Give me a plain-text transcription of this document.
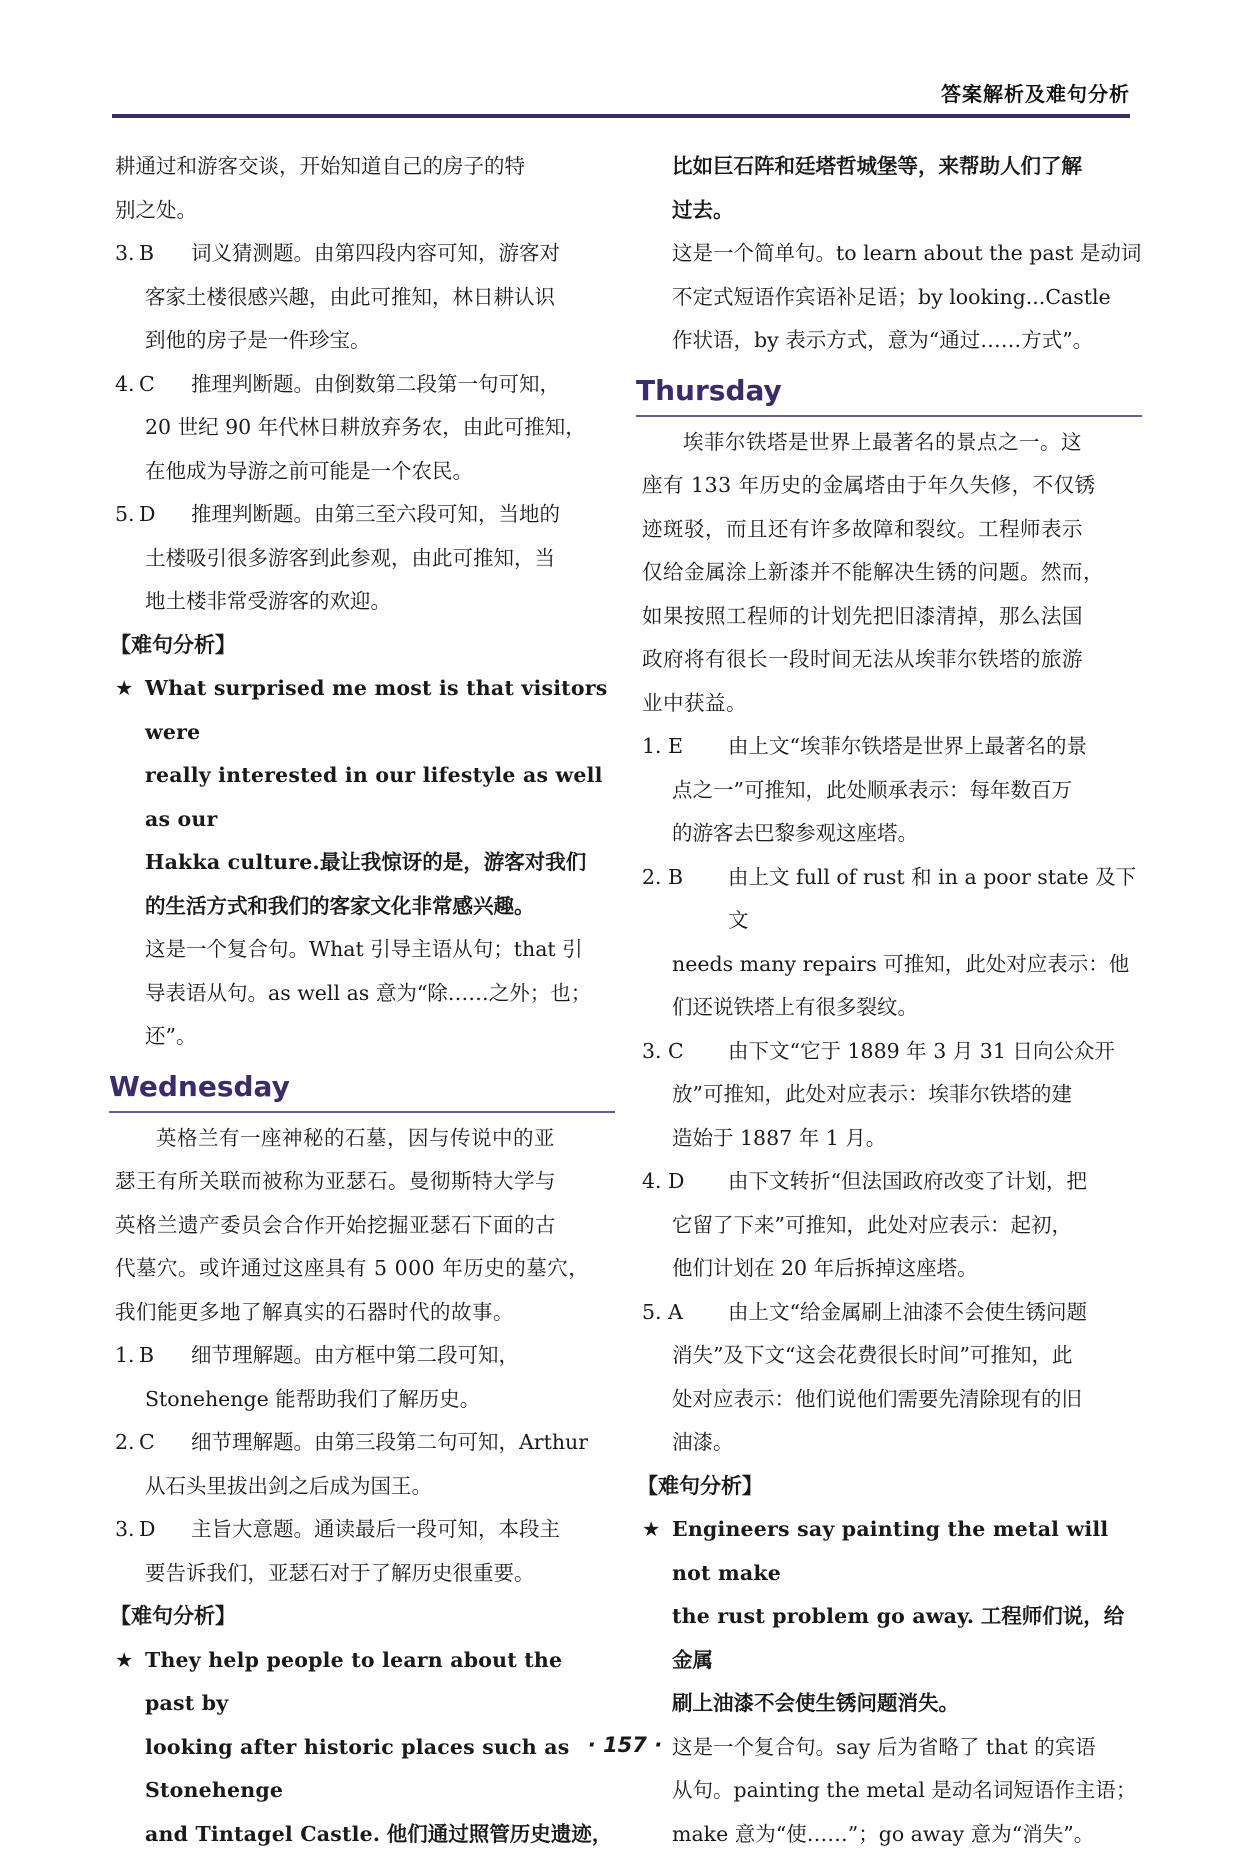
答案解析及难句分析

耕通过和游客交谈，开始知道自己的房子的特

别之处。

3. B	词义猜测题。由第四段内容可知，游客对

客家土楼很感兴趣，由此可推知，林日耕认识

到他的房子是一件珍宝。

4. C	推理判断题。由倒数第二段第一句可知，

20 世纪 90 年代林日耕放弃务农，由此可推知，

在他成为导游之前可能是一个农民。

5. D	推理判断题。由第三至六段可知，当地的

土楼吸引很多游客到此参观，由此可推知，当

地土楼非常受游客的欢迎。

【难句分析】

★ What surprised me most is that visitors were

really interested in our lifestyle as well as our

Hakka culture.最让我惊讶的是，游客对我们

的生活方式和我们的客家文化非常感兴趣。

这是一个复合句。What 引导主语从句；that 引

导表语从句。as well as 意为“除……之外；也；

还”。

Wednesday

英格兰有一座神秘的石墓，因与传说中的亚

瑟王有所关联而被称为亚瑟石。曼彻斯特大学与

英格兰遗产委员会合作开始挖掘亚瑟石下面的古

代墓穴。或许通过这座具有 5 000 年历史的墓穴，

我们能更多地了解真实的石器时代的故事。

1. B	细节理解题。由方框中第二段可知，

Stonehenge 能帮助我们了解历史。

2. C	细节理解题。由第三段第二句可知，Arthur

从石头里拔出剑之后成为国王。

3. D	主旨大意题。通读最后一段可知，本段主

要告诉我们，亚瑟石对于了解历史很重要。

【难句分析】

★ They help people to learn about the past by

looking after historic places such as Stonehenge

and Tintagel Castle. 他们通过照管历史遗迹，

比如巨石阵和廷塔哲城堡等，来帮助人们了解

过去。

这是一个简单句。to learn about the past 是动词

不定式短语作宾语补足语；by looking...Castle

作状语，by 表示方式，意为“通过……方式”。

Thursday

埃菲尔铁塔是世界上最著名的景点之一。这

座有 133 年历史的金属塔由于年久失修，不仅锈

迹斑驳，而且还有许多故障和裂纹。工程师表示

仅给金属涂上新漆并不能解决生锈的问题。然而，

如果按照工程师的计划先把旧漆清掉，那么法国

政府将有很长一段时间无法从埃菲尔铁塔的旅游

业中获益。

1. E	由上文“埃菲尔铁塔是世界上最著名的景

点之一”可推知，此处顺承表示：每年数百万

的游客去巴黎参观这座塔。

2. B	由上文 full of rust 和 in a poor state 及下文

needs many repairs 可推知，此处对应表示：他

们还说铁塔上有很多裂纹。

3. C	由下文“它于 1889 年 3 月 31 日向公众开

放”可推知，此处对应表示：埃菲尔铁塔的建

造始于 1887 年 1 月。

4. D	由下文转折“但法国政府改变了计划，把

它留了下来”可推知，此处对应表示：起初，

他们计划在 20 年后拆掉这座塔。

5. A	由上文“给金属刷上油漆不会使生锈问题

消失”及下文“这会花费很长时间”可推知，此

处对应表示：他们说他们需要先清除现有的旧

油漆。

【难句分析】

★ Engineers say painting the metal will not make

the rust problem go away. 工程师们说，给金属

刷上油漆不会使生锈问题消失。

这是一个复合句。say 后为省略了 that 的宾语

从句。painting the metal 是动名词短语作主语；

make 意为“使……”；go away 意为“消失”。

· 157 ·
